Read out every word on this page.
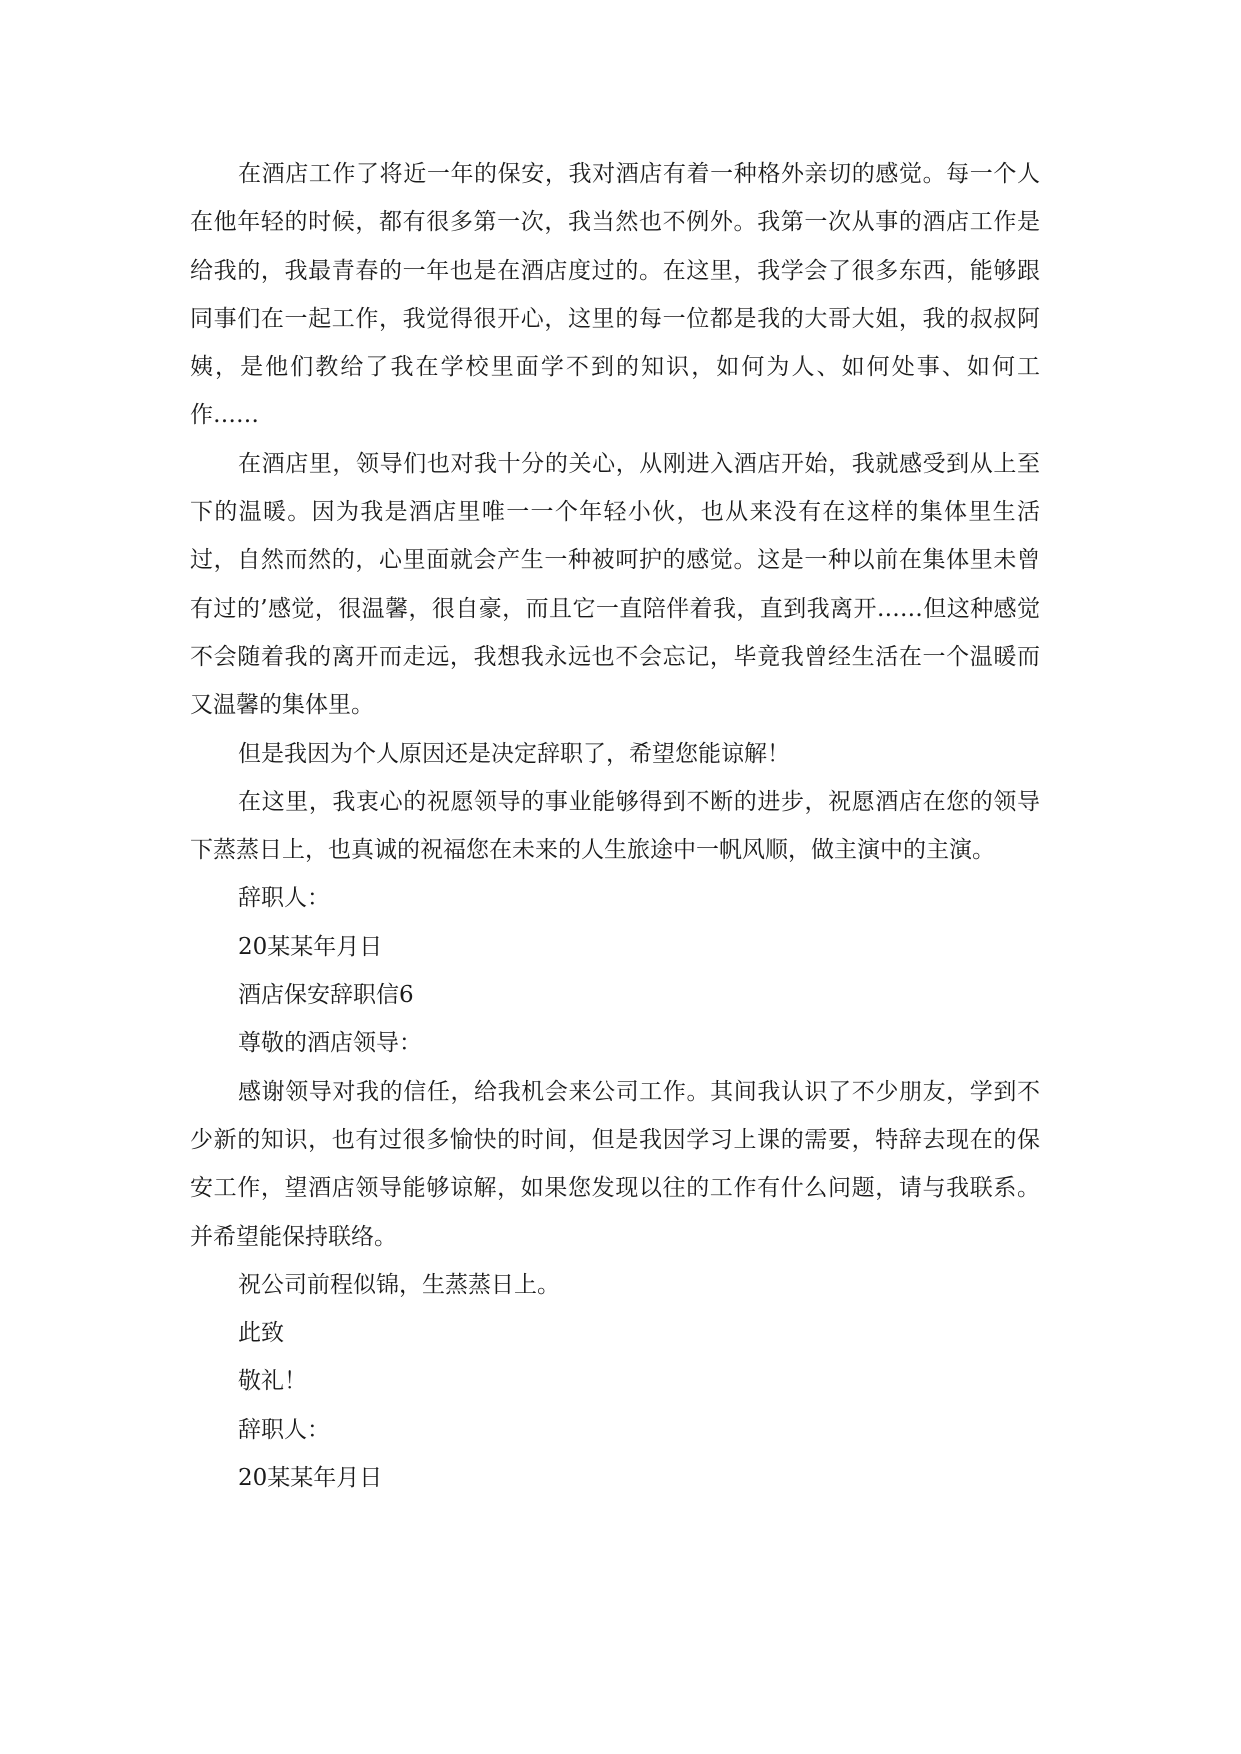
在酒店工作了将近一年的保安，我对酒店有着一种格外亲切的感觉。每一个人在他年轻的时候，都有很多第一次，我当然也不例外。我第一次从事的酒店工作是给我的，我最青春的一年也是在酒店度过的。在这里，我学会了很多东西，能够跟同事们在一起工作，我觉得很开心，这里的每一位都是我的大哥大姐，我的叔叔阿姨，是他们教给了我在学校里面学不到的知识，如何为人、如何处事、如何工作……

在酒店里，领导们也对我十分的关心，从刚进入酒店开始，我就感受到从上至下的温暖。因为我是酒店里唯一一个年轻小伙，也从来没有在这样的集体里生活过，自然而然的，心里面就会产生一种被呵护的感觉。这是一种以前在集体里未曾有过的’感觉，很温馨，很自豪，而且它一直陪伴着我，直到我离开……但这种感觉不会随着我的离开而走远，我想我永远也不会忘记，毕竟我曾经生活在一个温暖而又温馨的集体里。

但是我因为个人原因还是决定辞职了，希望您能谅解！

在这里，我衷心的祝愿领导的事业能够得到不断的进步，祝愿酒店在您的领导下蒸蒸日上，也真诚的祝福您在未来的人生旅途中一帆风顺，做主演中的主演。

辞职人：

20某某年月日

酒店保安辞职信6

尊敬的酒店领导：

感谢领导对我的信任，给我机会来公司工作。其间我认识了不少朋友，学到不少新的知识，也有过很多愉快的时间，但是我因学习上课的需要，特辞去现在的保安工作，望酒店领导能够谅解，如果您发现以往的工作有什么问题，请与我联系。并希望能保持联络。

祝公司前程似锦，生蒸蒸日上。

此致

敬礼！

辞职人：

20某某年月日
